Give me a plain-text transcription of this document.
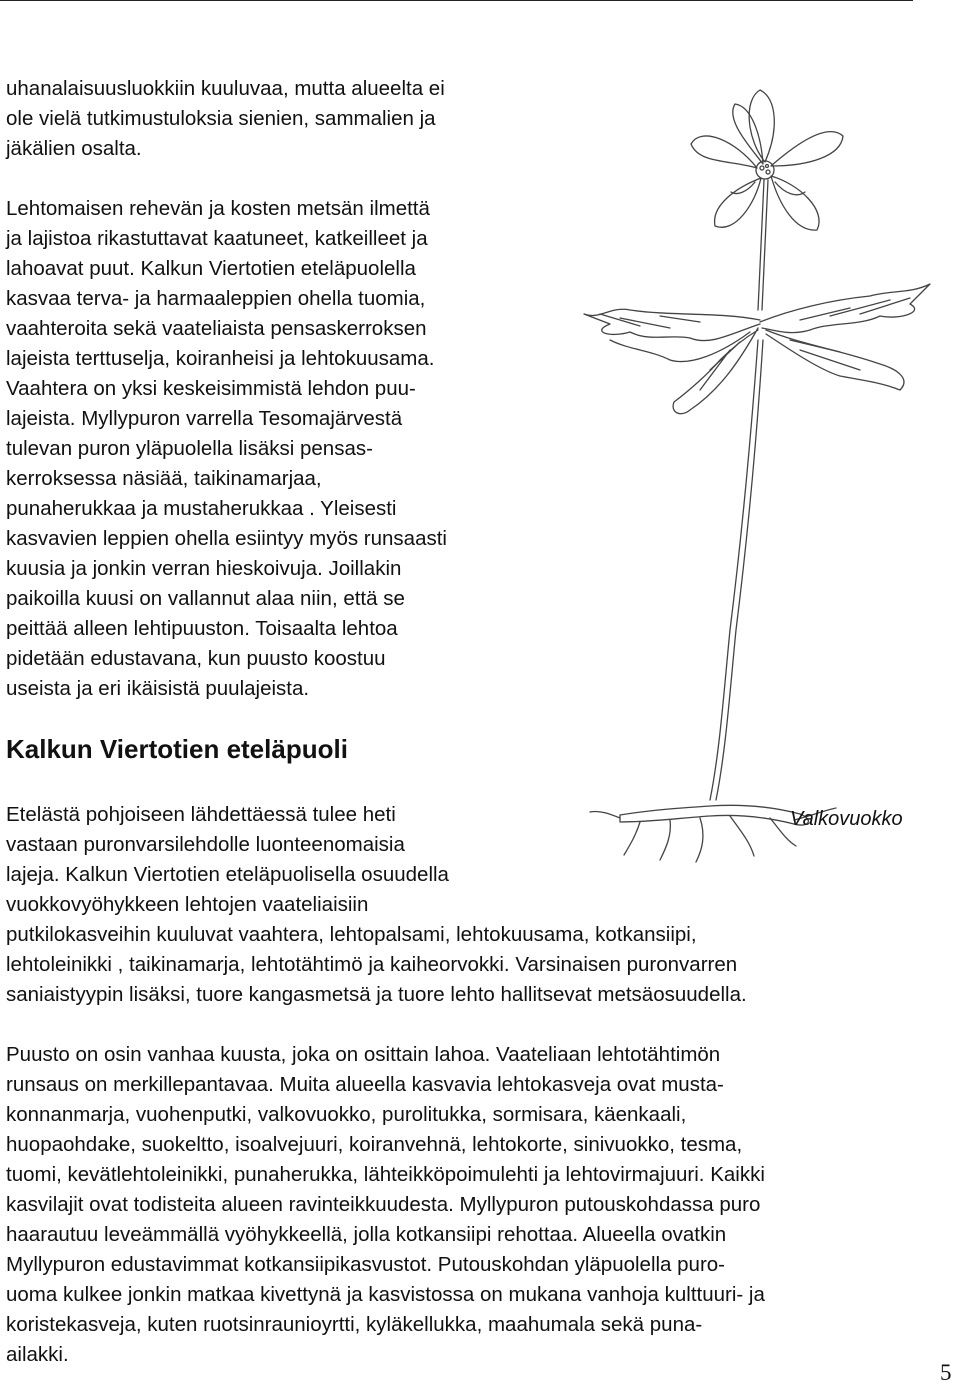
uhanalaisuusluokkiin kuuluvaa, mutta alueelta ei
ole vielä tutkimustuloksia sienien, sammalien ja
jäkälien osalta.
Lehtomaisen rehevän ja kosten metsän ilmettä
ja lajistoa rikastuttavat kaatuneet, katkeilleet ja
lahoavat puut. Kalkun Viertotien eteläpuolella
kasvaa terva- ja harmaaleppien ohella tuomia,
vaahteroita sekä vaateliaista pensaskerroksen
lajeista terttuselja, koiranheisi ja lehtokuusama.
Vaahtera on yksi keskeisimmistä lehdon puu-
lajeista. Myllypuron varrella Tesomajärvestä
tulevan puron yläpuolella lisäksi pensas-
kerroksessa näsiää, taikinamarjaa,
punaherukkaa ja mustaherukkaa . Yleisesti
kasvavien leppien ohella esiintyy myös runsaasti
kuusia ja jonkin verran hieskoivuja. Joillakin
paikoilla kuusi on vallannut alaa niin, että se
peittää alleen lehtipuuston. Toisaalta lehtoa
pidetään edustavana, kun puusto koostuu
useista ja eri ikäisistä puulajeista.
Kalkun Viertotien eteläpuoli
Etelästä pohjoiseen lähdettäessä tulee heti
vastaan puronvarsilehdolle luonteenomaisia
lajeja. Kalkun Viertotien eteläpuolisella osuudella
vuokkovyöhykkeen lehtojen vaateliaisiin
putkilokasveihin kuuluvat vaahtera, lehtopalsami, lehtokuusama, kotkansiipi,
lehtoleinikki , taikinamarja, lehtotähtimö ja kaiheorvokki. Varsinaisen puronvarren
saniaistyypin lisäksi, tuore kangasmetsä ja tuore lehto hallitsevat metsäosuudella.
Puusto on osin vanhaa kuusta, joka on osittain lahoa. Vaateliaan lehtotähtimön
runsaus on merkillepantavaa. Muita alueella kasvavia lehtokasveja ovat musta-
konnanmarja, vuohenputki, valkovuokko, purolitukka, sormisara, käenkaali,
huopaohdake, suokeltto, isoalvejuuri, koiranvehnä, lehtokorte, sinivuokko, tesma,
tuomi, kevätlehtoleinikki, punaherukka, lähteikköpoimulehti ja lehtovirmajuuri. Kaikki
kasvilajit ovat todisteita alueen ravinteikkuudesta. Myllypuron putouskohdassa puro
haarautuu leveämmällä vyöhykkeellä, jolla kotkansiipi rehottaa. Alueella ovatkin
Myllypuron edustavimmat kotkansiipikasvustot. Putouskohdan yläpuolella puro-
uoma kulkee jonkin matkaa kivettynä ja kasvistossa on mukana vanhoja kulttuuri- ja
koristekasveja, kuten ruotsinraunioyrtti, kyläkellukka, maahumala sekä puna-
ailakki.
Valkovuokko
5
